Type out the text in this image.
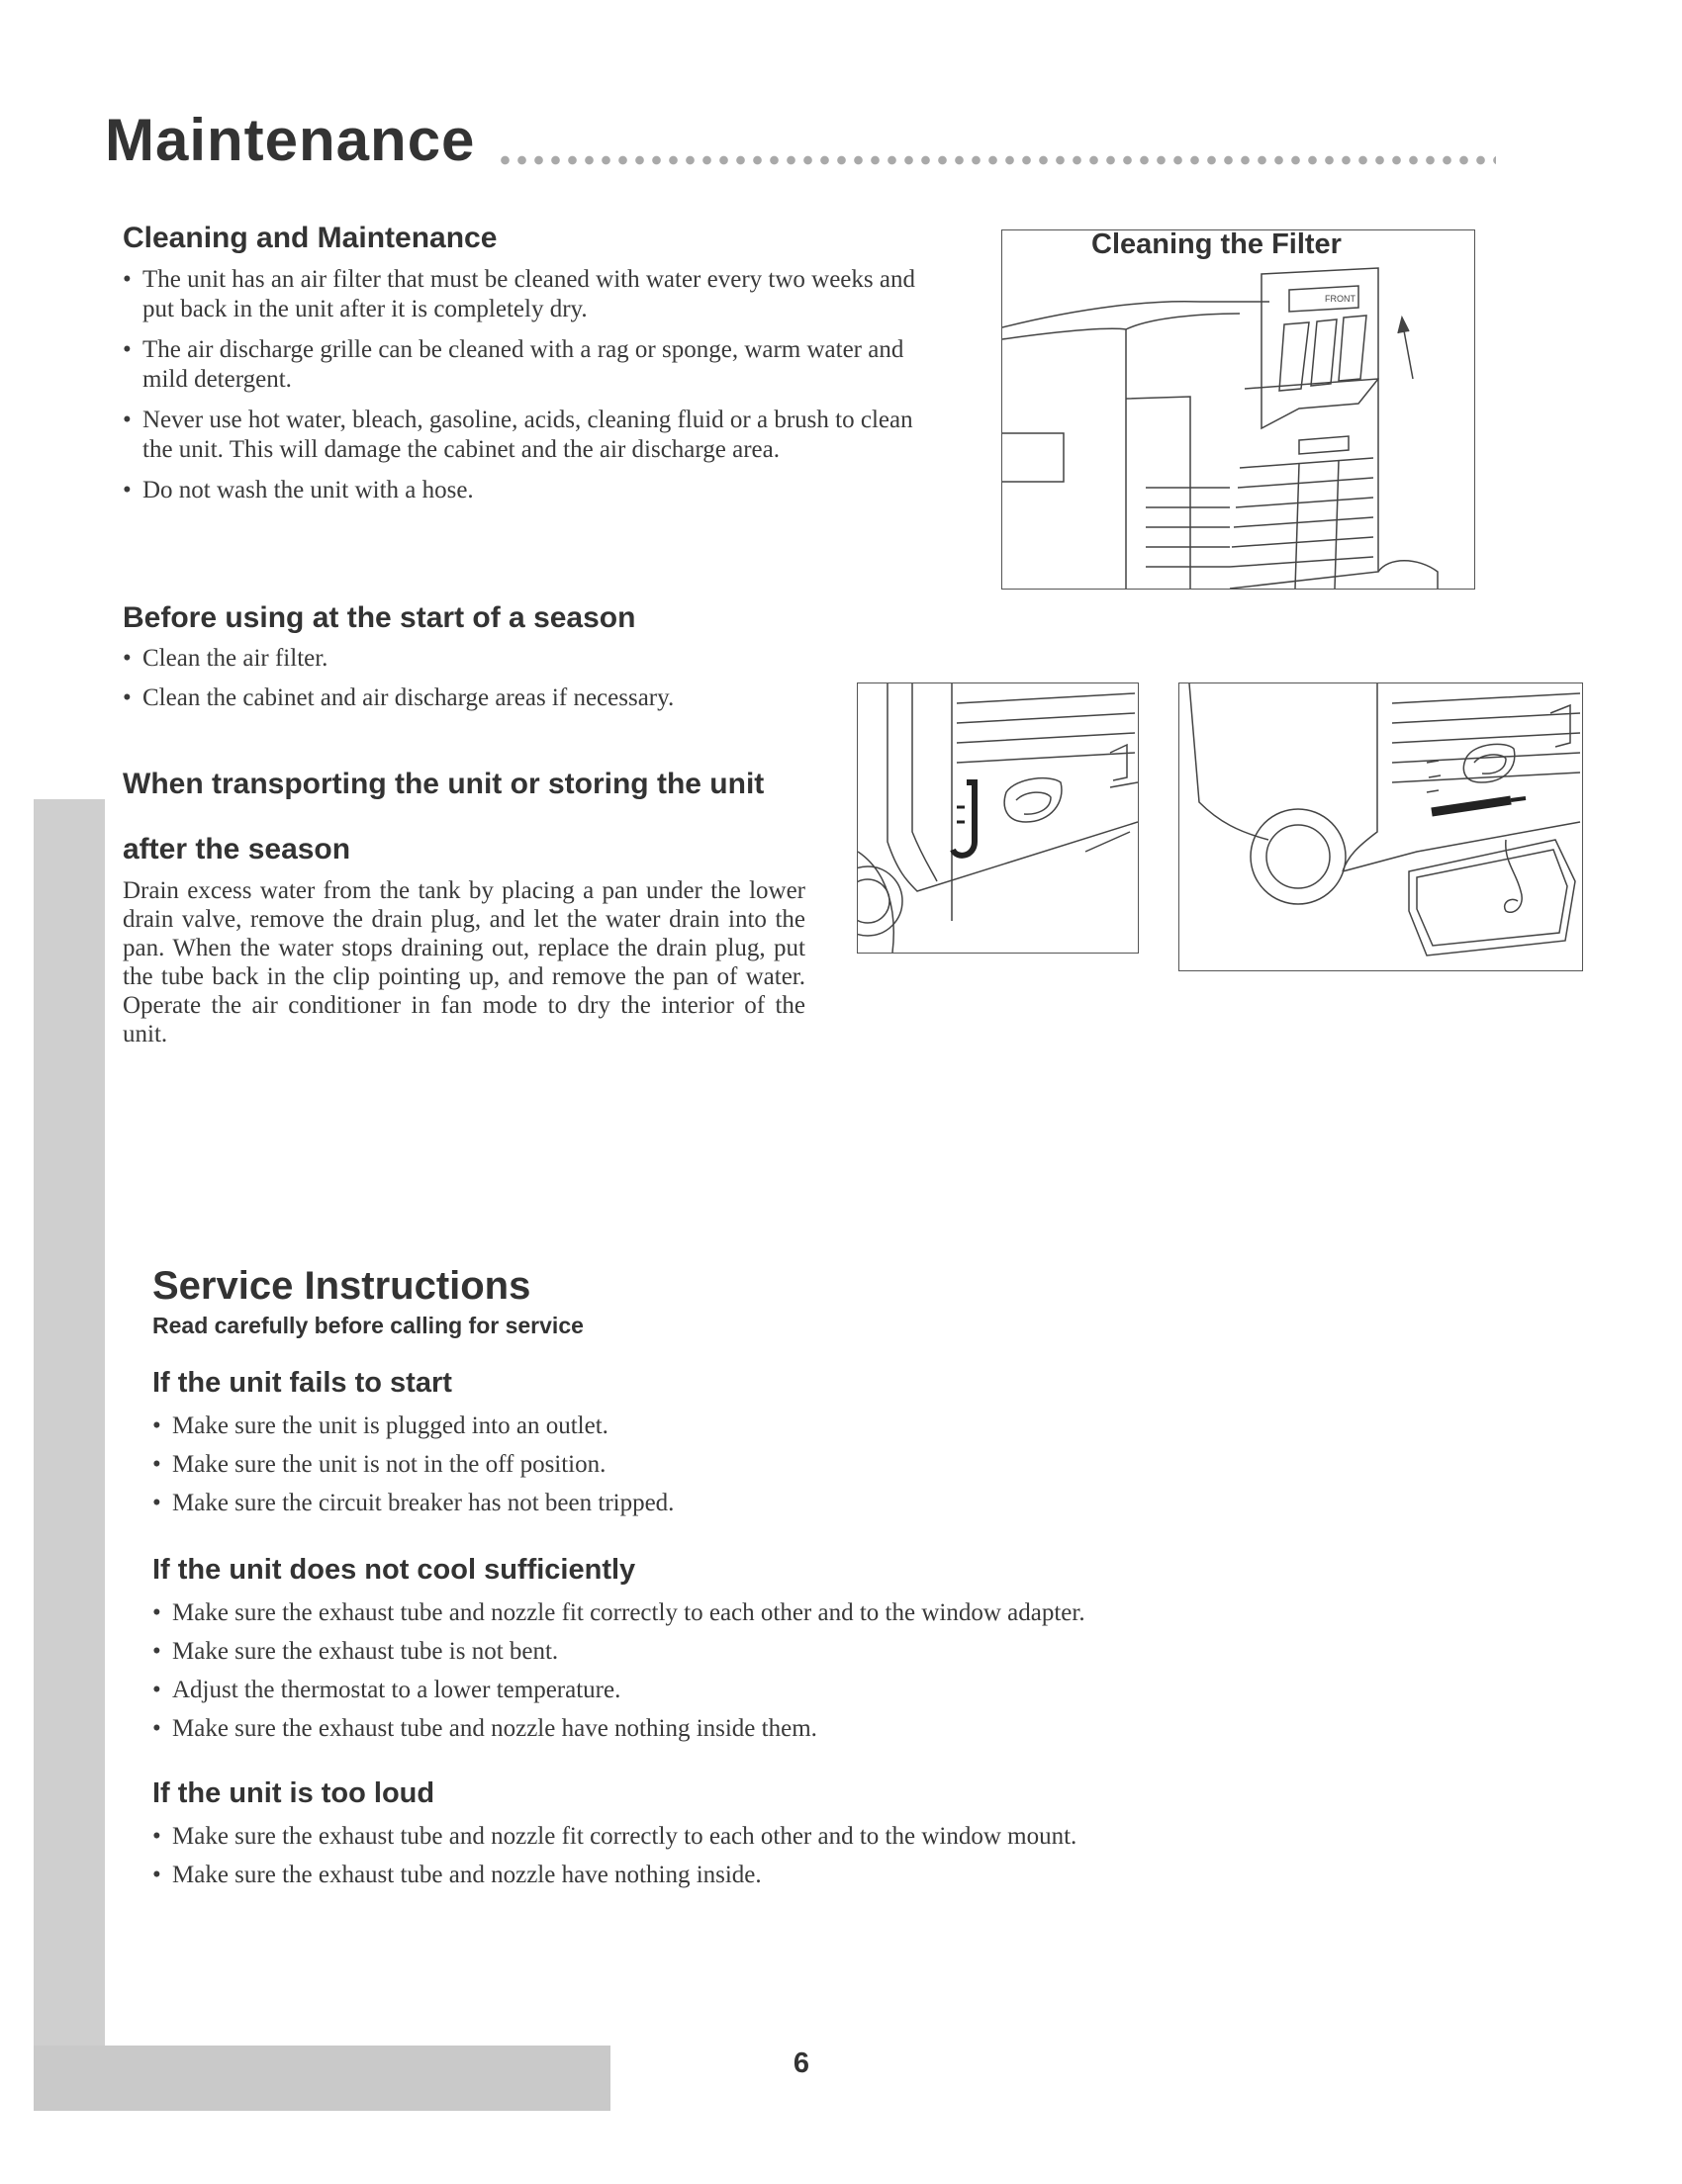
Maintenance
Cleaning and Maintenance
• The unit has an air filter that must be cleaned with water every two weeks and put back in the unit after it is completely dry.
• The air discharge grille can be cleaned with a rag or sponge, warm water and mild detergent.
• Never use hot water, bleach, gasoline, acids, cleaning fluid or a brush to clean the unit. This will damage the cabinet and the air discharge area.
• Do not wash the unit with a hose.
FRONT
Cleaning the Filter
Before using at the start of a season
• Clean the air filter.
• Clean the cabinet and air discharge areas if necessary.
When transporting the unit or storing the unit
after the season
Drain excess water from the tank by placing a pan under the lower drain valve, remove the drain plug, and let the water drain into the pan. When the water stops draining out, replace the drain plug, put the tube back in the clip pointing up, and remove the pan of water. Operate the air conditioner in fan mode to dry the interior of the unit.
Service Instructions
Read carefully before calling for service
If the unit fails to start
• Make sure the unit is plugged into an outlet.
• Make sure the unit is not in the off position.
• Make sure the circuit breaker has not been tripped.
If the unit does not cool sufficiently
• Make sure the exhaust tube and nozzle fit correctly to each other and to the window adapter.
• Make sure the exhaust tube is not bent.
• Adjust the thermostat to a lower temperature.
• Make sure the exhaust tube and nozzle have nothing inside them.
If the unit is too loud
• Make sure the exhaust tube and nozzle fit correctly to each other and to the window mount.
• Make sure the exhaust tube and nozzle have nothing inside.
6
